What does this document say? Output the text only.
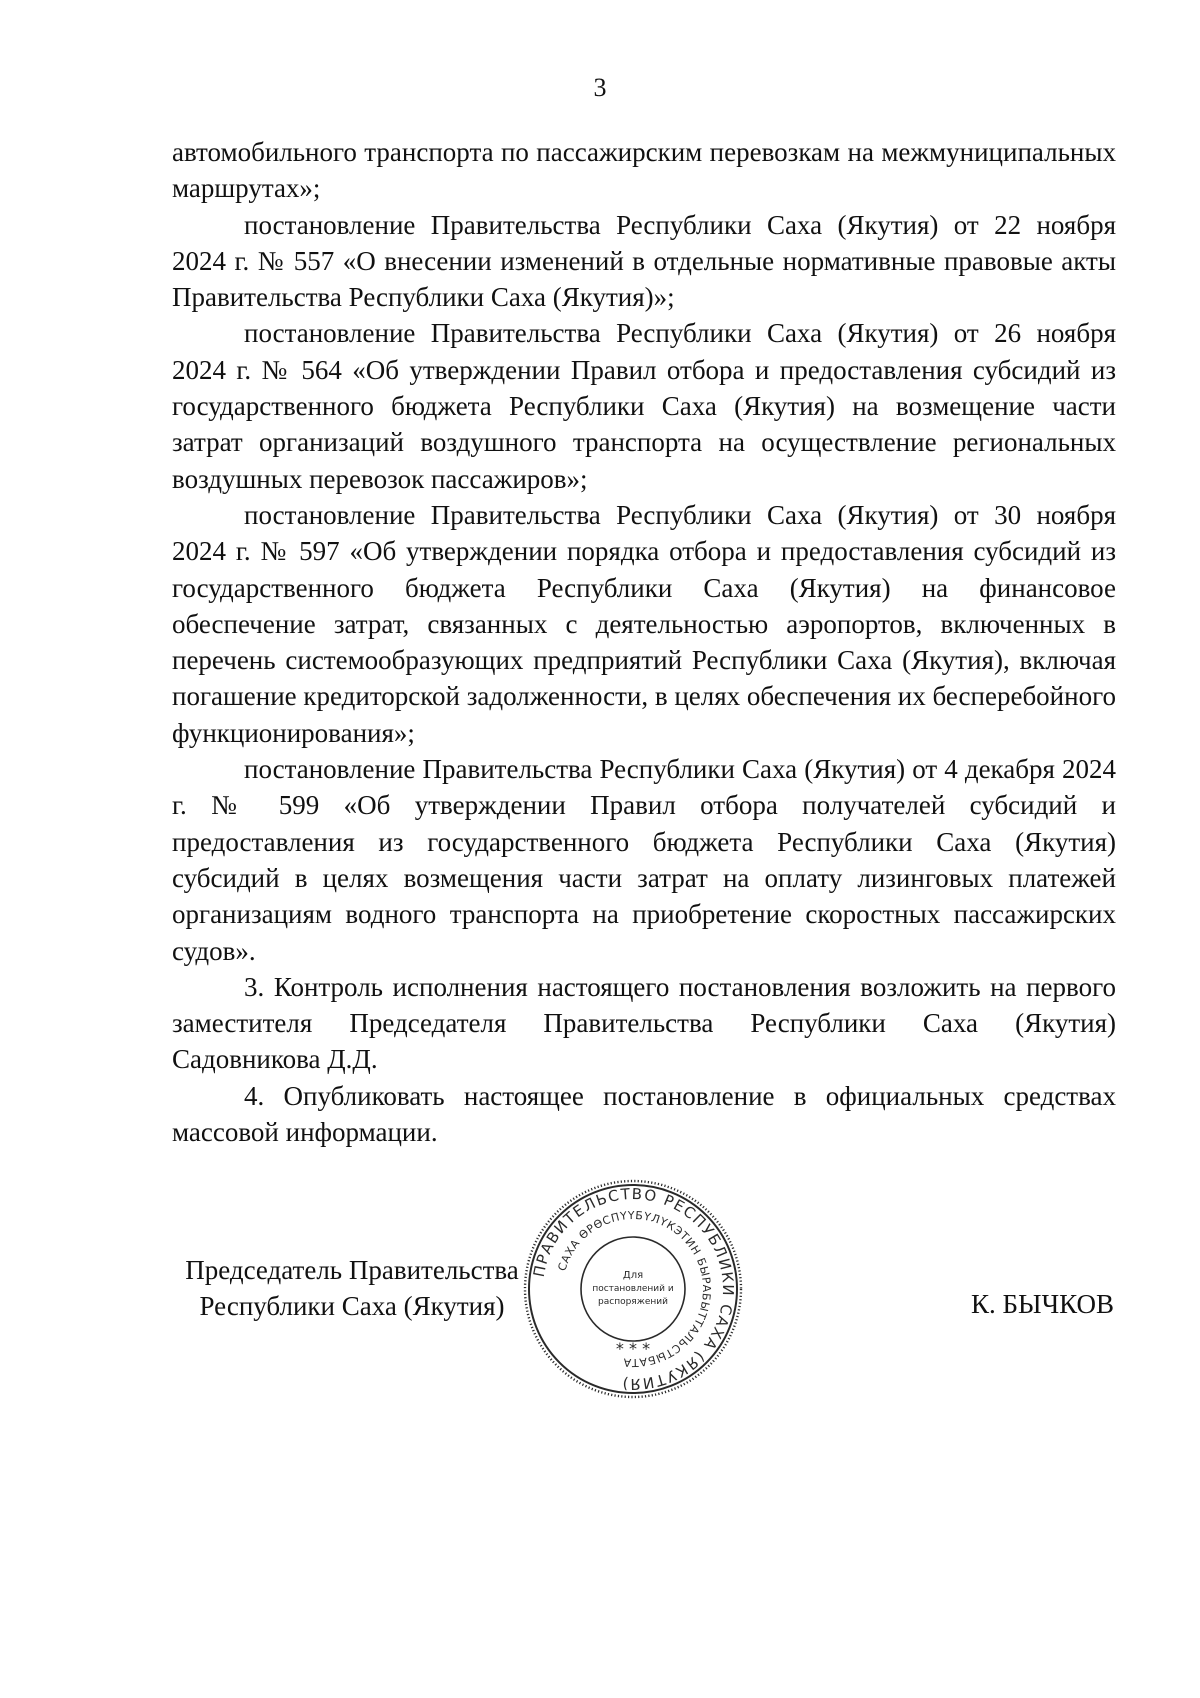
3

автомобильного транспорта по пассажирским перевозкам на межмуниципальных маршрутах»;

постановление Правительства Республики Саха (Якутия) от 22 ноября 2024 г. № 557 «О внесении изменений в отдельные нормативные правовые акты Правительства Республики Саха (Якутия)»;

постановление Правительства Республики Саха (Якутия) от 26 ноября 2024 г. № 564 «Об утверждении Правил отбора и предоставления субсидий из государственного бюджета Республики Саха (Якутия) на возмещение части затрат организаций воздушного транспорта на осуществление региональных воздушных перевозок пассажиров»;

постановление Правительства Республики Саха (Якутия) от 30 ноября 2024 г. № 597 «Об утверждении порядка отбора и предоставления субсидий из государственного бюджета Республики Саха (Якутия) на финансовое обеспечение затрат, связанных с деятельностью аэропортов, включенных в перечень системообразующих предприятий Республики Саха (Якутия), включая погашение кредиторской задолженности, в целях обеспечения их бесперебойного функционирования»;

постановление Правительства Республики Саха (Якутия) от 4 декабря 2024 г. № 599 «Об утверждении Правил отбора получателей субсидий и предоставления из государственного бюджета Республики Саха (Якутия) субсидий в целях возмещения части затрат на оплату лизинговых платежей организациям водного транспорта на приобретение скоростных пассажирских судов».

3. Контроль исполнения настоящего постановления возложить на первого заместителя Председателя Правительства Республики Саха (Якутия) Садовникова Д.Д.

4. Опубликовать настоящее постановление в официальных средствах массовой информации.

Председатель Правительства
Республики Саха (Якутия)	К. БЫЧКОВ
ПРАВИТЕЛЬСТВО РЕСПУБЛИКИ САХА (ЯКУТИЯ)
САХА ӨРӨСПҮҮБҮЛҮКЭТИН БЫРАБЫТТАЛЬСТЫБАТА
Для
постановлений и
распоряжений
* * *
